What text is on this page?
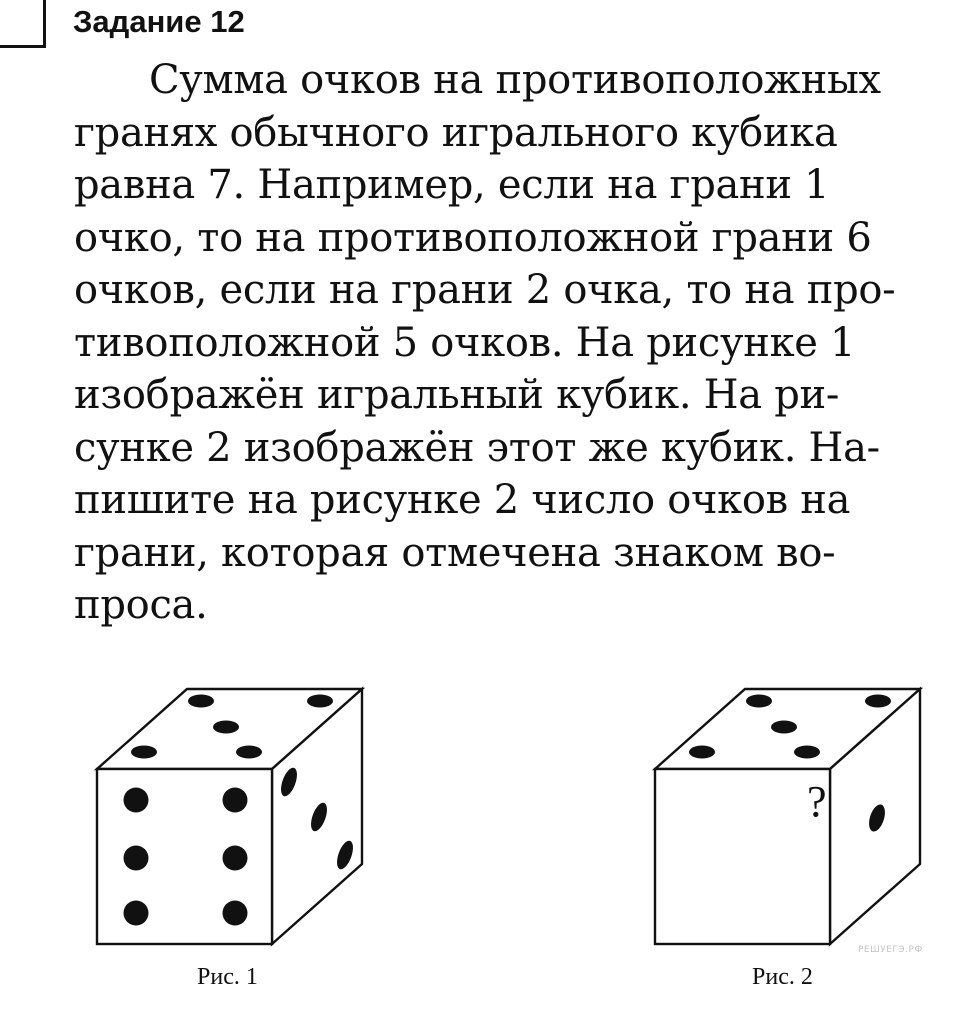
Задание 12
Сумма очков на противоположных
гранях обычного игрального кубика
равна 7. Например, если на грани 1
очко, то на противоположной грани 6
очков, если на грани 2 очка, то на про-
тивоположной 5 очков. На рисунке 1
изображён игральный кубик. На ри-
сунке 2 изображён этот же кубик. На-
пишите на рисунке 2 число очков на
грани, которая отмечена знаком во-
проса.
Рис. 1
?
Рис. 2
РЕШУЕГЭ.РФ
